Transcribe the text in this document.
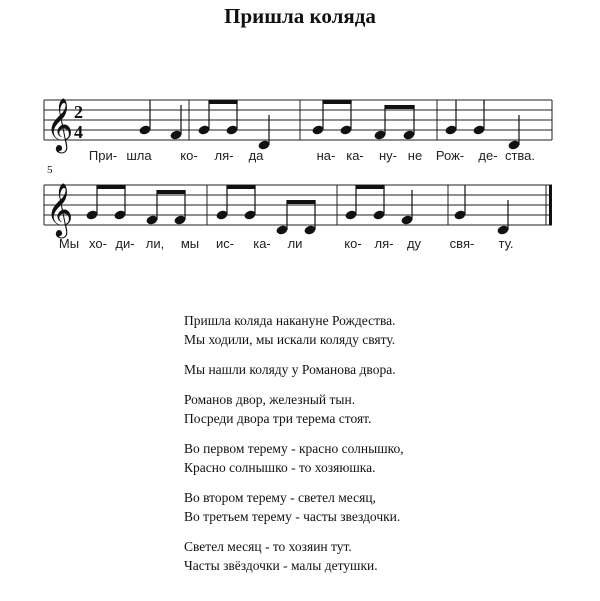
Пришла коляда
𝄞 2
4
𝄞
5
При- шла ко- ля- да	на- ка- ну- не Рож- де- ства.
Мы хо- ди- ли, мы ис- ка- ли	ко- ля- ду свя- ту.

Пришла коляда накануне Рождества.

Мы ходили, мы искали коляду святу.

Мы нашли коляду у Романова двора.

Романов двор, железный тын.

Посреди двора три терема стоят.

Во первом терему - красно солнышко,

Красно солнышко - то хозяюшка.

Во втором терему - светел месяц,

Во третьем терему - часты звездочки.

Светел месяц - то хозяин тут.

Часты звёздочки - малы детушки.
